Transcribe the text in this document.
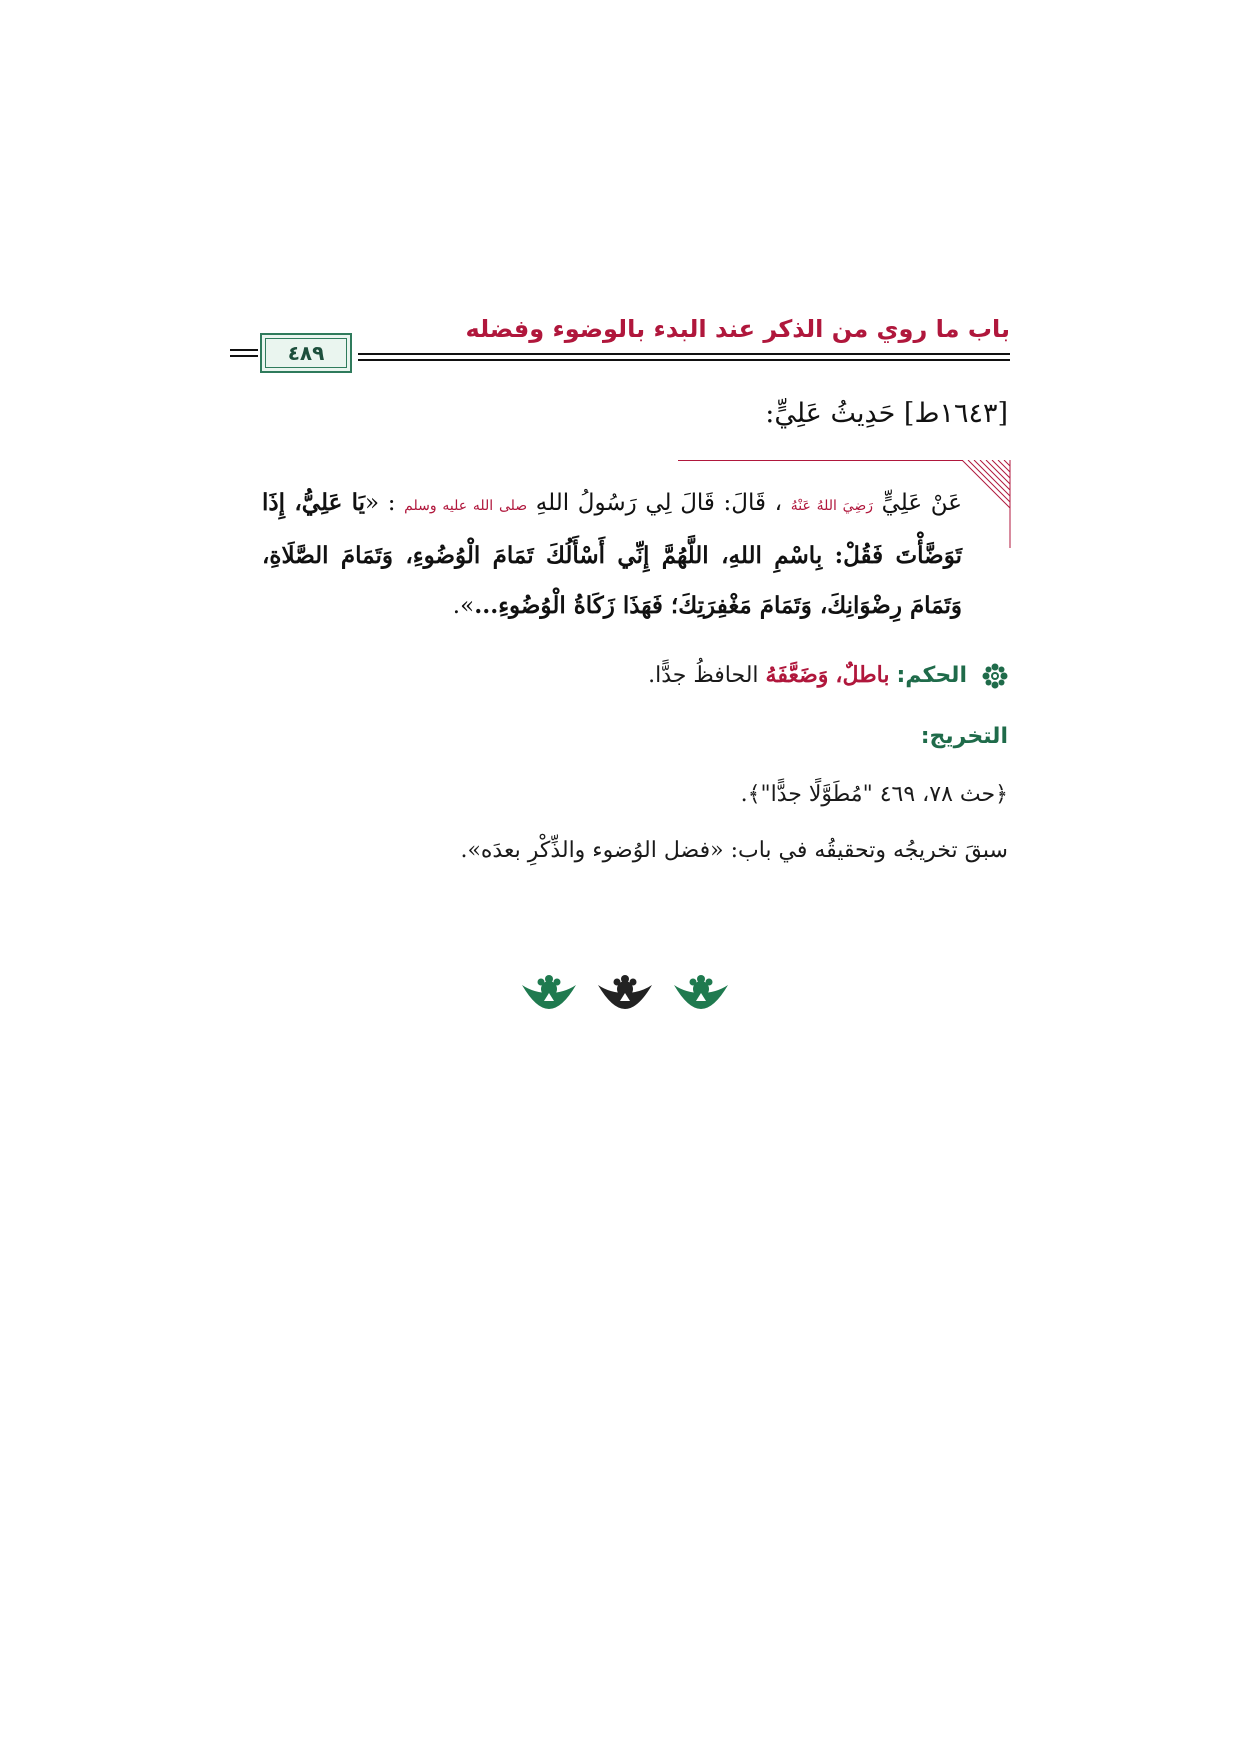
باب ما روي من الذكر عند البدء بالوضوء وفضله
٤٨٩
[١٦٤٣ط] حَدِيثُ عَلِيٍّ:
عَنْ عَلِيٍّ رَضِيَ اللهُ عَنْهُ ، قَالَ: قَالَ لِي رَسُولُ اللهِ صلى الله عليه وسلم : «يَا عَلِيُّ، إِذَا تَوَضَّأْتَ فَقُلْ: بِاسْمِ اللهِ، اللَّهُمَّ إِنِّي أَسْأَلُكَ تَمَامَ الْوُضُوءِ، وَتَمَامَ الصَّلَاةِ، وَتَمَامَ رِضْوَانِكَ، وَتَمَامَ مَغْفِرَتِكَ؛ فَهَذَا زَكَاةُ الْوُضُوءِ...».
الحكم: باطلٌ، وَضَعَّفَهُ الحافظُ جدًّا.
التخريج:
﴿حث ٧٨، ٤٦٩ "مُطَوَّلًا جدًّا"﴾.
سبقَ تخريجُه وتحقيقُه في باب: «فضل الوُضوء والذِّكْرِ بعدَه».
